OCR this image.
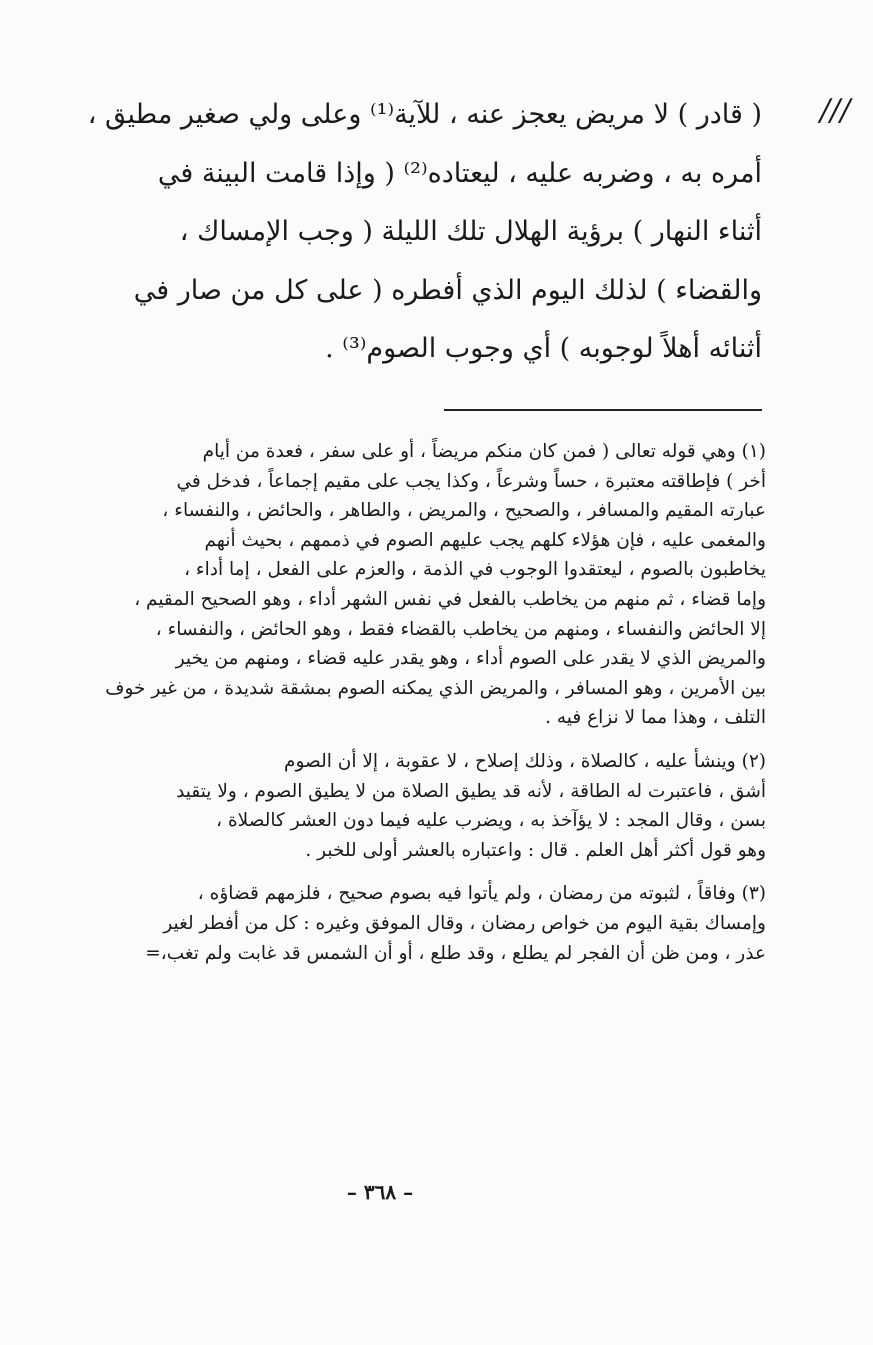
///
( قادر ) لا مريض يعجز عنه ، للآية⁽¹⁾ وعلى ولي صغير مطيق ،
أمره به ، وضربه عليه ، ليعتاده⁽²⁾ ( وإذا قامت البينة في
أثناء النهار ) برؤية الهلال تلك الليلة ( وجب الإمساك ،
والقضاء ) لذلك اليوم الذي أفطره ( على كل من صار في
أثنائه أهلاً لوجوبه ) أي وجوب الصوم⁽³⁾ .
(١) وهي قوله تعالى ( فمن كان منكم مريضاً ، أو على سفر ، فعدة من أيام
أخر ) فإطاقته معتبرة ، حساً وشرعاً ، وكذا يجب على مقيم إجماعاً ، فدخل في
عبارته المقيم والمسافر ، والصحيح ، والمريض ، والطاهر ، والحائض ، والنفساء ،
والمغمى عليه ، فإن هؤلاء كلهم يجب عليهم الصوم في ذممهم ، بحيث أنهم
يخاطبون بالصوم ، ليعتقدوا الوجوب في الذمة ، والعزم على الفعل ، إما أداء ،
وإما قضاء ، ثم منهم من يخاطب بالفعل في نفس الشهر أداء ، وهو الصحيح المقيم ،
إلا الحائض والنفساء ، ومنهم من يخاطب بالقضاء فقط ، وهو الحائض ، والنفساء ،
والمريض الذي لا يقدر على الصوم أداء ، وهو يقدر عليه قضاء ، ومنهم من يخير
بين الأمرين ، وهو المسافر ، والمريض الذي يمكنه الصوم بمشقة شديدة ، من غير خوف
التلف ، وهذا مما لا نزاع فيه .
(٢) وينشأ عليه ، كالصلاة ، وذلك إصلاح ، لا عقوبة ، إلا أن الصوم
أشق ، فاعتبرت له الطاقة ، لأنه قد يطيق الصلاة من لا يطيق الصوم ، ولا يتقيد
بسن ، وقال المجد : لا يؤآخذ به ، ويضرب عليه فيما دون العشر كالصلاة ،
وهو قول أكثر أهل العلم . قال : واعتباره بالعشر أولى للخبر .
(٣) وفاقاً ، لثبوته من رمضان ، ولم يأتوا فيه بصوم صحيح ، فلزمهم قضاؤه ،
وإمساك بقية اليوم من خواص رمضان ، وقال الموفق وغيره : كل من أفطر لغير
عذر ، ومن ظن أن الفجر لم يطلع ، وقد طلع ، أو أن الشمس قد غابت ولم تغب،=
– ٣٦٨ –
